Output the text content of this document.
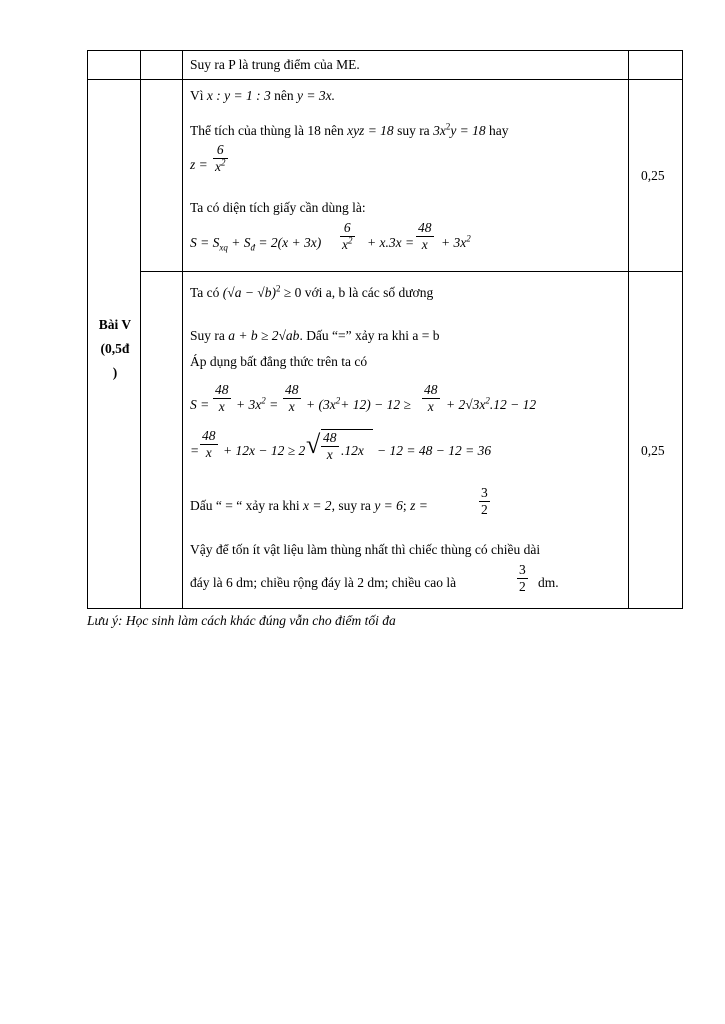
Suy ra P là trung điểm của ME.
Vì x : y = 1 : 3 nên y = 3x.
Thể tích của thùng là 18 nên xyz = 18 suy ra $3x^2y = 18$ hay
z =
6
$x^2$
0,25
Ta có diện tích giấy cần dùng là:
$S = S_{xq} + S_đ = 2(x + 3x)$
6
$x^2 + x.3x$ =
48
$x + 3x^2$
Bài V
(0,5đ
)
Ta có $(√a - √b)^2 \ge 0$ với a, b là các số dương
Suy ra a + b ≥ 2√ab. Dấu “=” xảy ra khi a = b
Áp dụng bất đẳng thức trên ta có
S =
48
$x + 3x^2$ =
48
$x + (3x^2+ 12) - 12$ ≥
48
$x + 2√3x^2.12 - 12$
=
48
x + 12x − 12 ≥ 2 √ 48
x .12x − 12 = 48 − 12 = 36	0,25
Dấu “ = “ xảy ra khi x = 2, suy ra y = 6; z =
3
2
Vậy để tốn ít vật liệu làm thùng nhất thì chiếc thùng có chiều dài
đáy là 6 dm; chiều rộng đáy là 2 dm; chiều cao là
3
2 dm.
Lưu ý: Học sinh làm cách khác đúng vẫn cho điểm tối đa
